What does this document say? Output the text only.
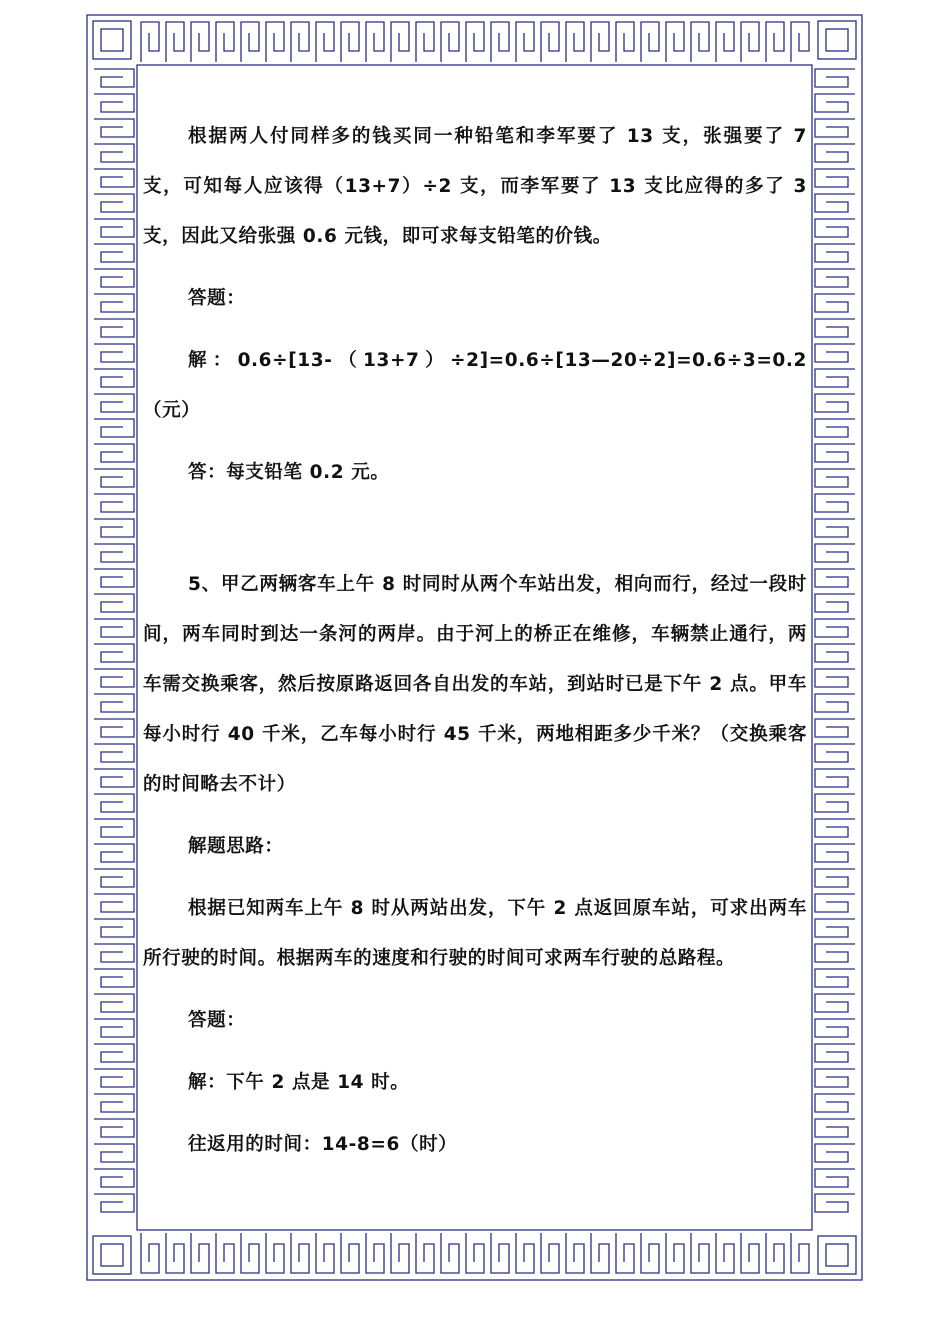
根据两人付同样多的钱买同一种铅笔和李军要了 13 支，张强要了 7 支，可知每人应该得（13+7）÷2 支，而李军要了 13 支比应得的多了 3 支，因此又给张强 0.6 元钱，即可求每支铅笔的价钱。

答题：

解：0.6÷[13-（13+7）÷2]=0.6÷[13—20÷2]=0.6÷3=0.2（元）

答：每支铅笔 0.2 元。

5、甲乙两辆客车上午 8 时同时从两个车站出发，相向而行，经过一段时间，两车同时到达一条河的两岸。由于河上的桥正在维修，车辆禁止通行，两车需交换乘客，然后按原路返回各自出发的车站，到站时已是下午 2 点。甲车每小时行 40 千米，乙车每小时行 45 千米，两地相距多少千米？（交换乘客的时间略去不计）

解题思路：

根据已知两车上午 8 时从两站出发，下午 2 点返回原车站，可求出两车所行驶的时间。根据两车的速度和行驶的时间可求两车行驶的总路程。

答题：

解：下午 2 点是 14 时。

往返用的时间：14-8=6（时）
